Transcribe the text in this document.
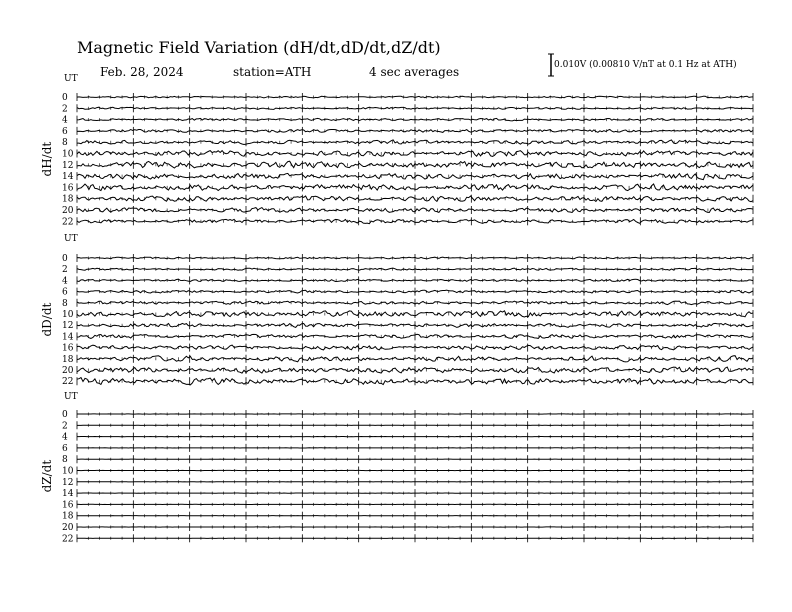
Magnetic Field Variation (dH/dt,dD/dt,dZ/dt)
Feb. 28, 2024	station=ATH	4 sec averages	0.010V (0.00810 V/nT at 0.1 Hz at ATH)
UT
dH/dt
0
2
4
6
8
10
12
14
16
18
20
22
UT
dD/dt
0
2
4
6
8
10
12
14
16
18
20
22
UT
dZ/dt
0
2
4
6
8
10
12
14
16
18
20
22
